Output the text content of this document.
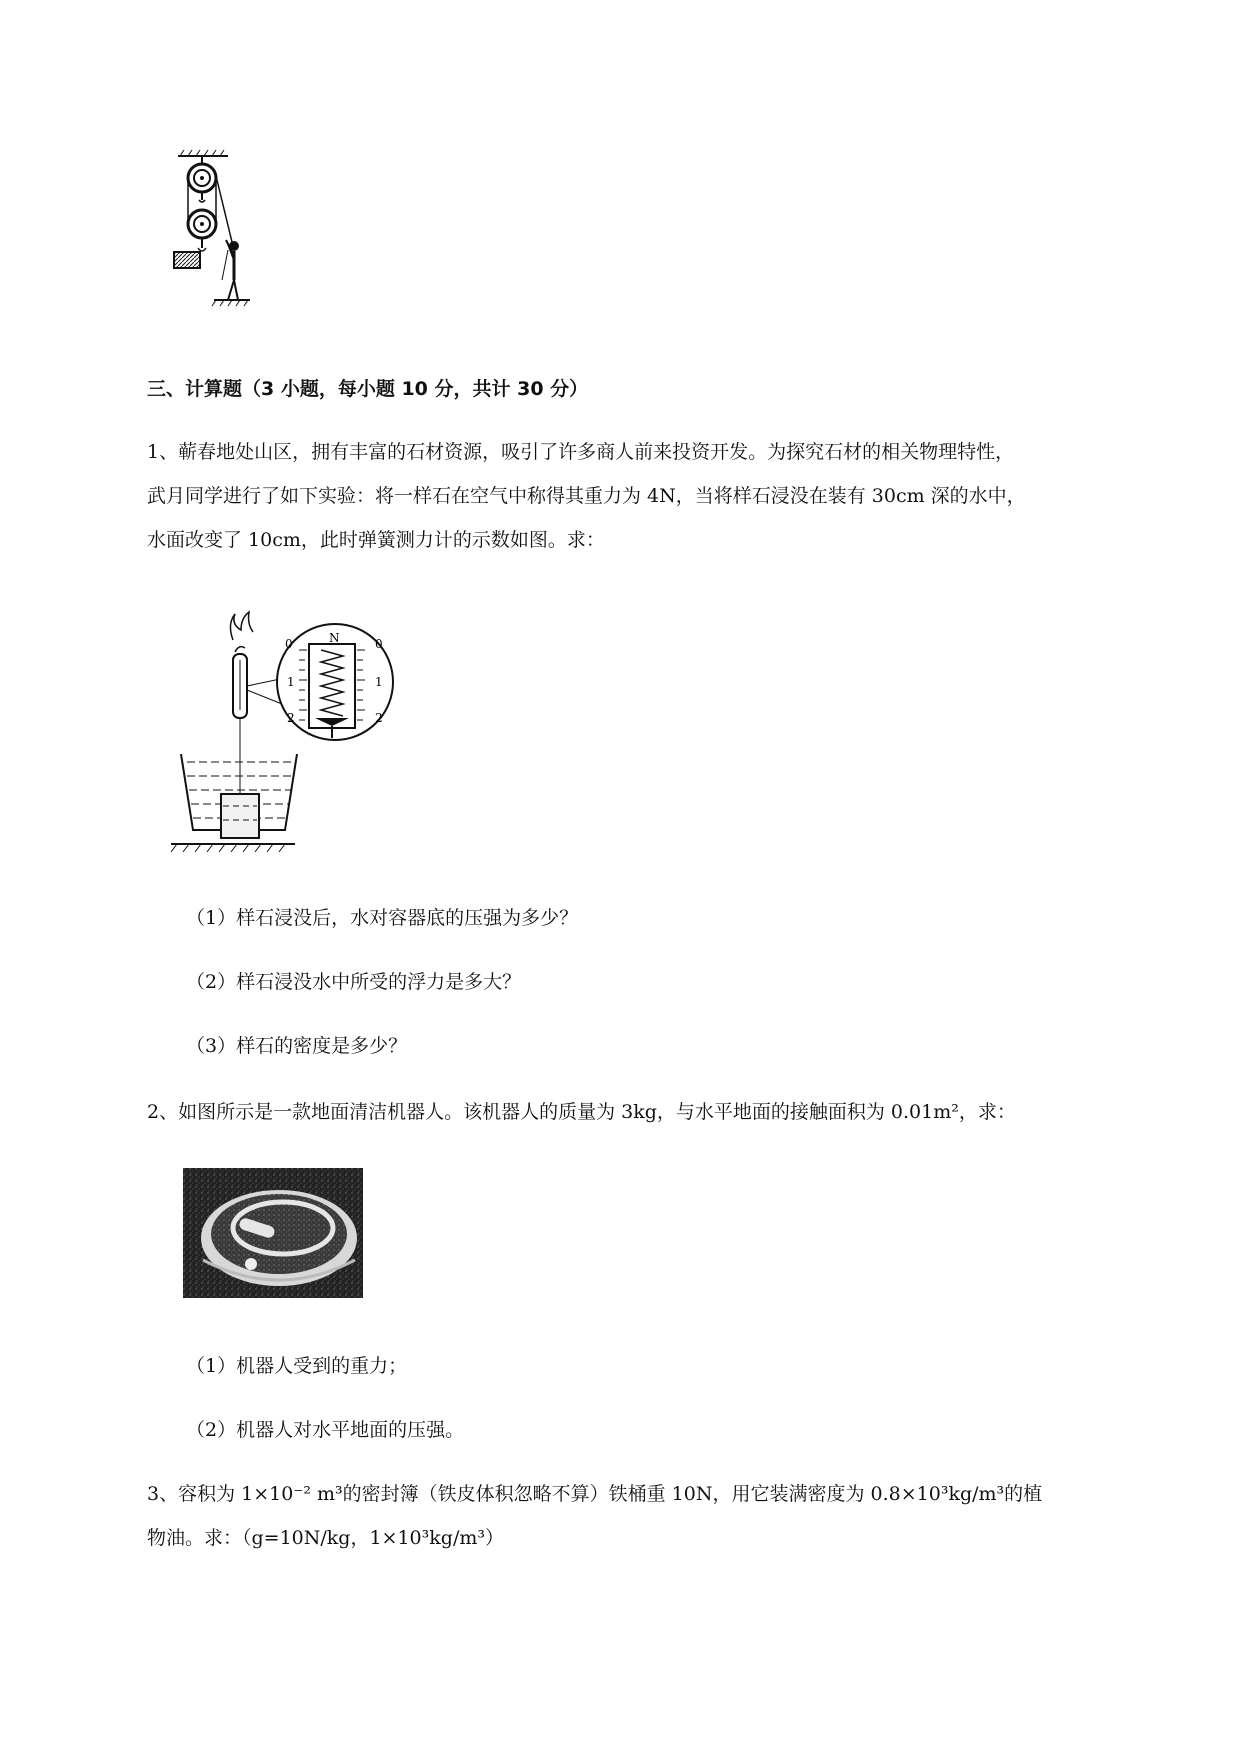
三、计算题（3 小题，每小题 10 分，共计 30 分）
1、蕲春地处山区，拥有丰富的石材资源，吸引了许多商人前来投资开发。为探究石材的相关物理特性，
武月同学进行了如下实验：将一样石在空气中称得其重力为 4N，当将样石浸没在装有 30cm 深的水中，
水面改变了 10cm，此时弹簧测力计的示数如图。求：
N
0	0
1	1
2	2
（1）样石浸没后，水对容器底的压强为多少？
（2）样石浸没水中所受的浮力是多大？
（3）样石的密度是多少？
2、如图所示是一款地面清洁机器人。该机器人的质量为 3kg，与水平地面的接触面积为 0.01m²，求：
（1）机器人受到的重力；
（2）机器人对水平地面的压强。
3、容积为 1×10⁻² m³的密封簿（铁皮体积忽略不算）铁桶重 10N，用它装满密度为 0.8×10³kg/m³的植
物油。求：（g=10N/kg，1×10³kg/m³）
